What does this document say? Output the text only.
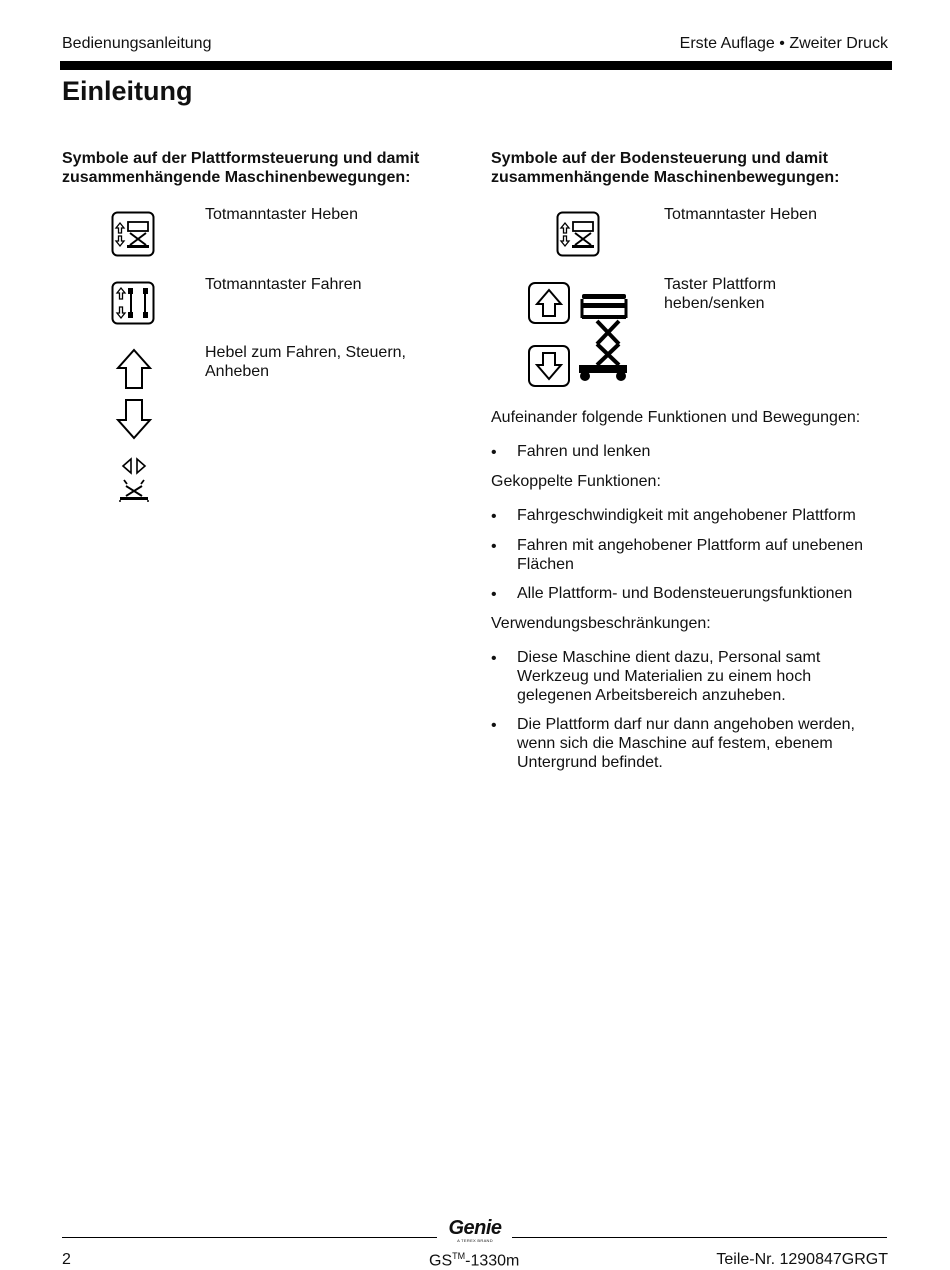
Bedienungsanleitung	Erste Auflage • Zweiter Druck
Einleitung
Symbole auf der Plattformsteuerung und damit zusammenhängende Maschinenbewegungen:
Totmanntaster Heben
Totmanntaster Fahren
Hebel zum Fahren, Steuern, Anheben
Symbole auf der Bodensteuerung und damit zusammenhängende Maschinenbewegungen:
Totmanntaster Heben
Taster Plattform heben/senken
Aufeinander folgende Funktionen und Bewegungen:
• Fahren und lenken
Gekoppelte Funktionen:
• Fahrgeschwindigkeit mit angehobener Plattform
• Fahren mit angehobener Plattform auf unebenen Flächen
• Alle Plattform- und Bodensteuerungsfunktionen
Verwendungsbeschränkungen:
• Diese Maschine dient dazu, Personal samt Werkzeug und Materialien zu einem hoch gelegenen Arbeitsbereich anzuheben.
• Die Plattform darf nur dann angehoben werden, wenn sich die Maschine auf festem, ebenem Untergrund befindet.
Genie
A TEREX BRAND
2	GS™-1330m	Teile-Nr. 1290847GRGT
